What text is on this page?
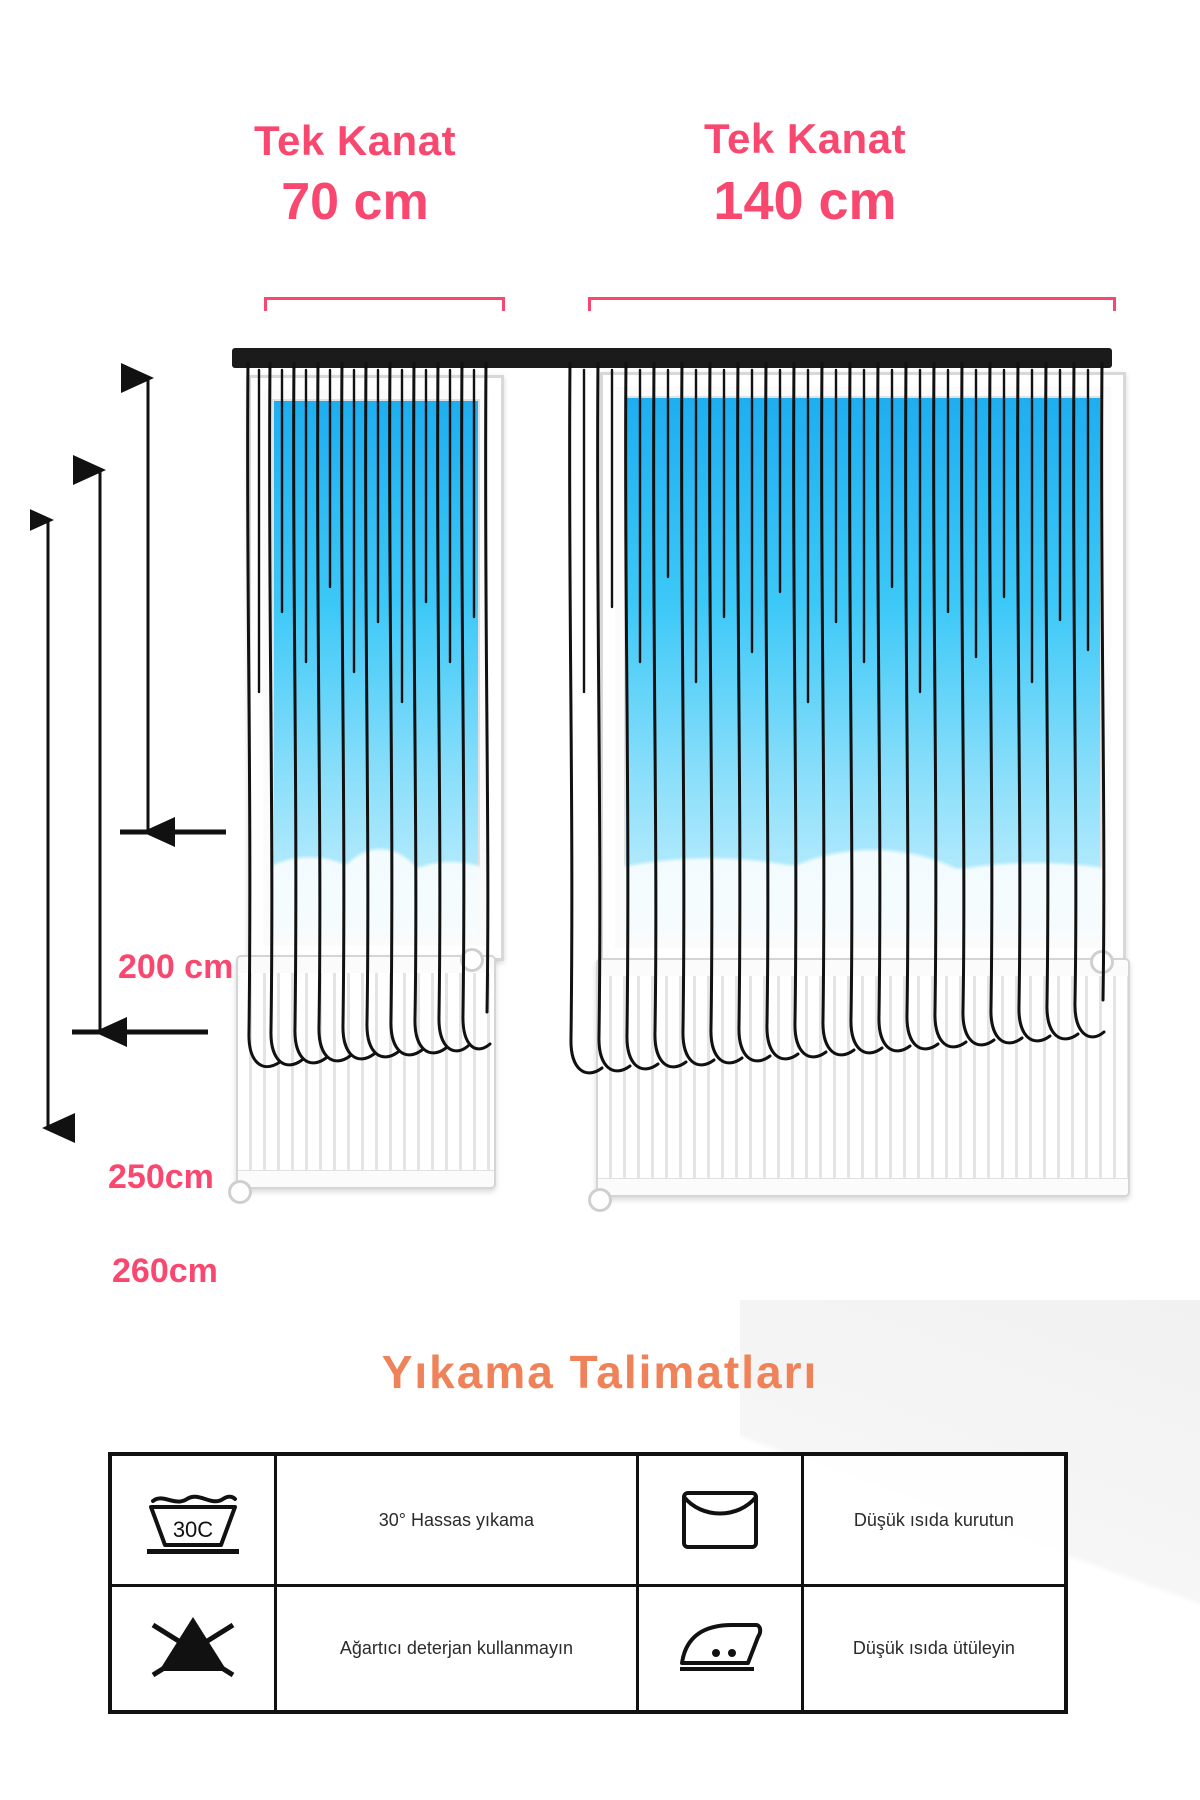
Tek Kanat
70 cm
Tek Kanat
140 cm
200 cm
250cm
260cm
Yıkama Talimatları
30C	30° Hassas yıkama		Düşük ısıda kurutun
	Ağartıcı deterjan kullanmayın		Düşük ısıda ütüleyin
